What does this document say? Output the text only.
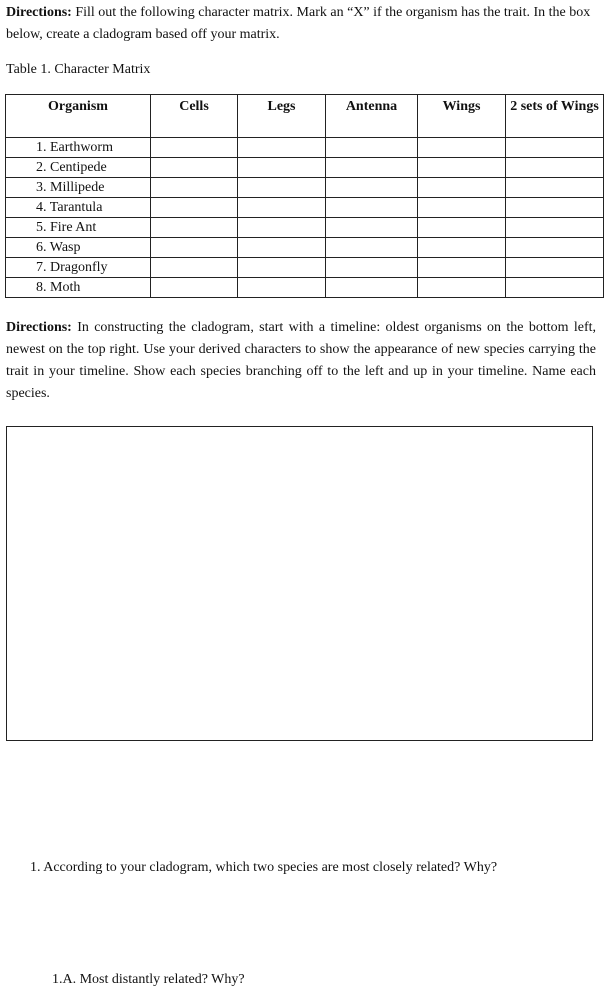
Directions: Fill out the following character matrix. Mark an “X” if the organism has the trait. In the box below, create a cladogram based off your matrix.
Table 1. Character Matrix
Organism	Cells	Legs	Antenna	Wings	2 sets of Wings
1. Earthworm					
2. Centipede					
3. Millipede					
4. Tarantula					
5. Fire Ant					
6. Wasp					
7. Dragonfly					
8. Moth					
Directions: In constructing the cladogram, start with a timeline: oldest organisms on the bottom left, newest on the top right. Use your derived characters to show the appearance of new species carrying the trait in your timeline. Show each species branching off to the left and up in your timeline. Name each species.
1. According to your cladogram, which two species are most closely related? Why?
1.A. Most distantly related? Why?
